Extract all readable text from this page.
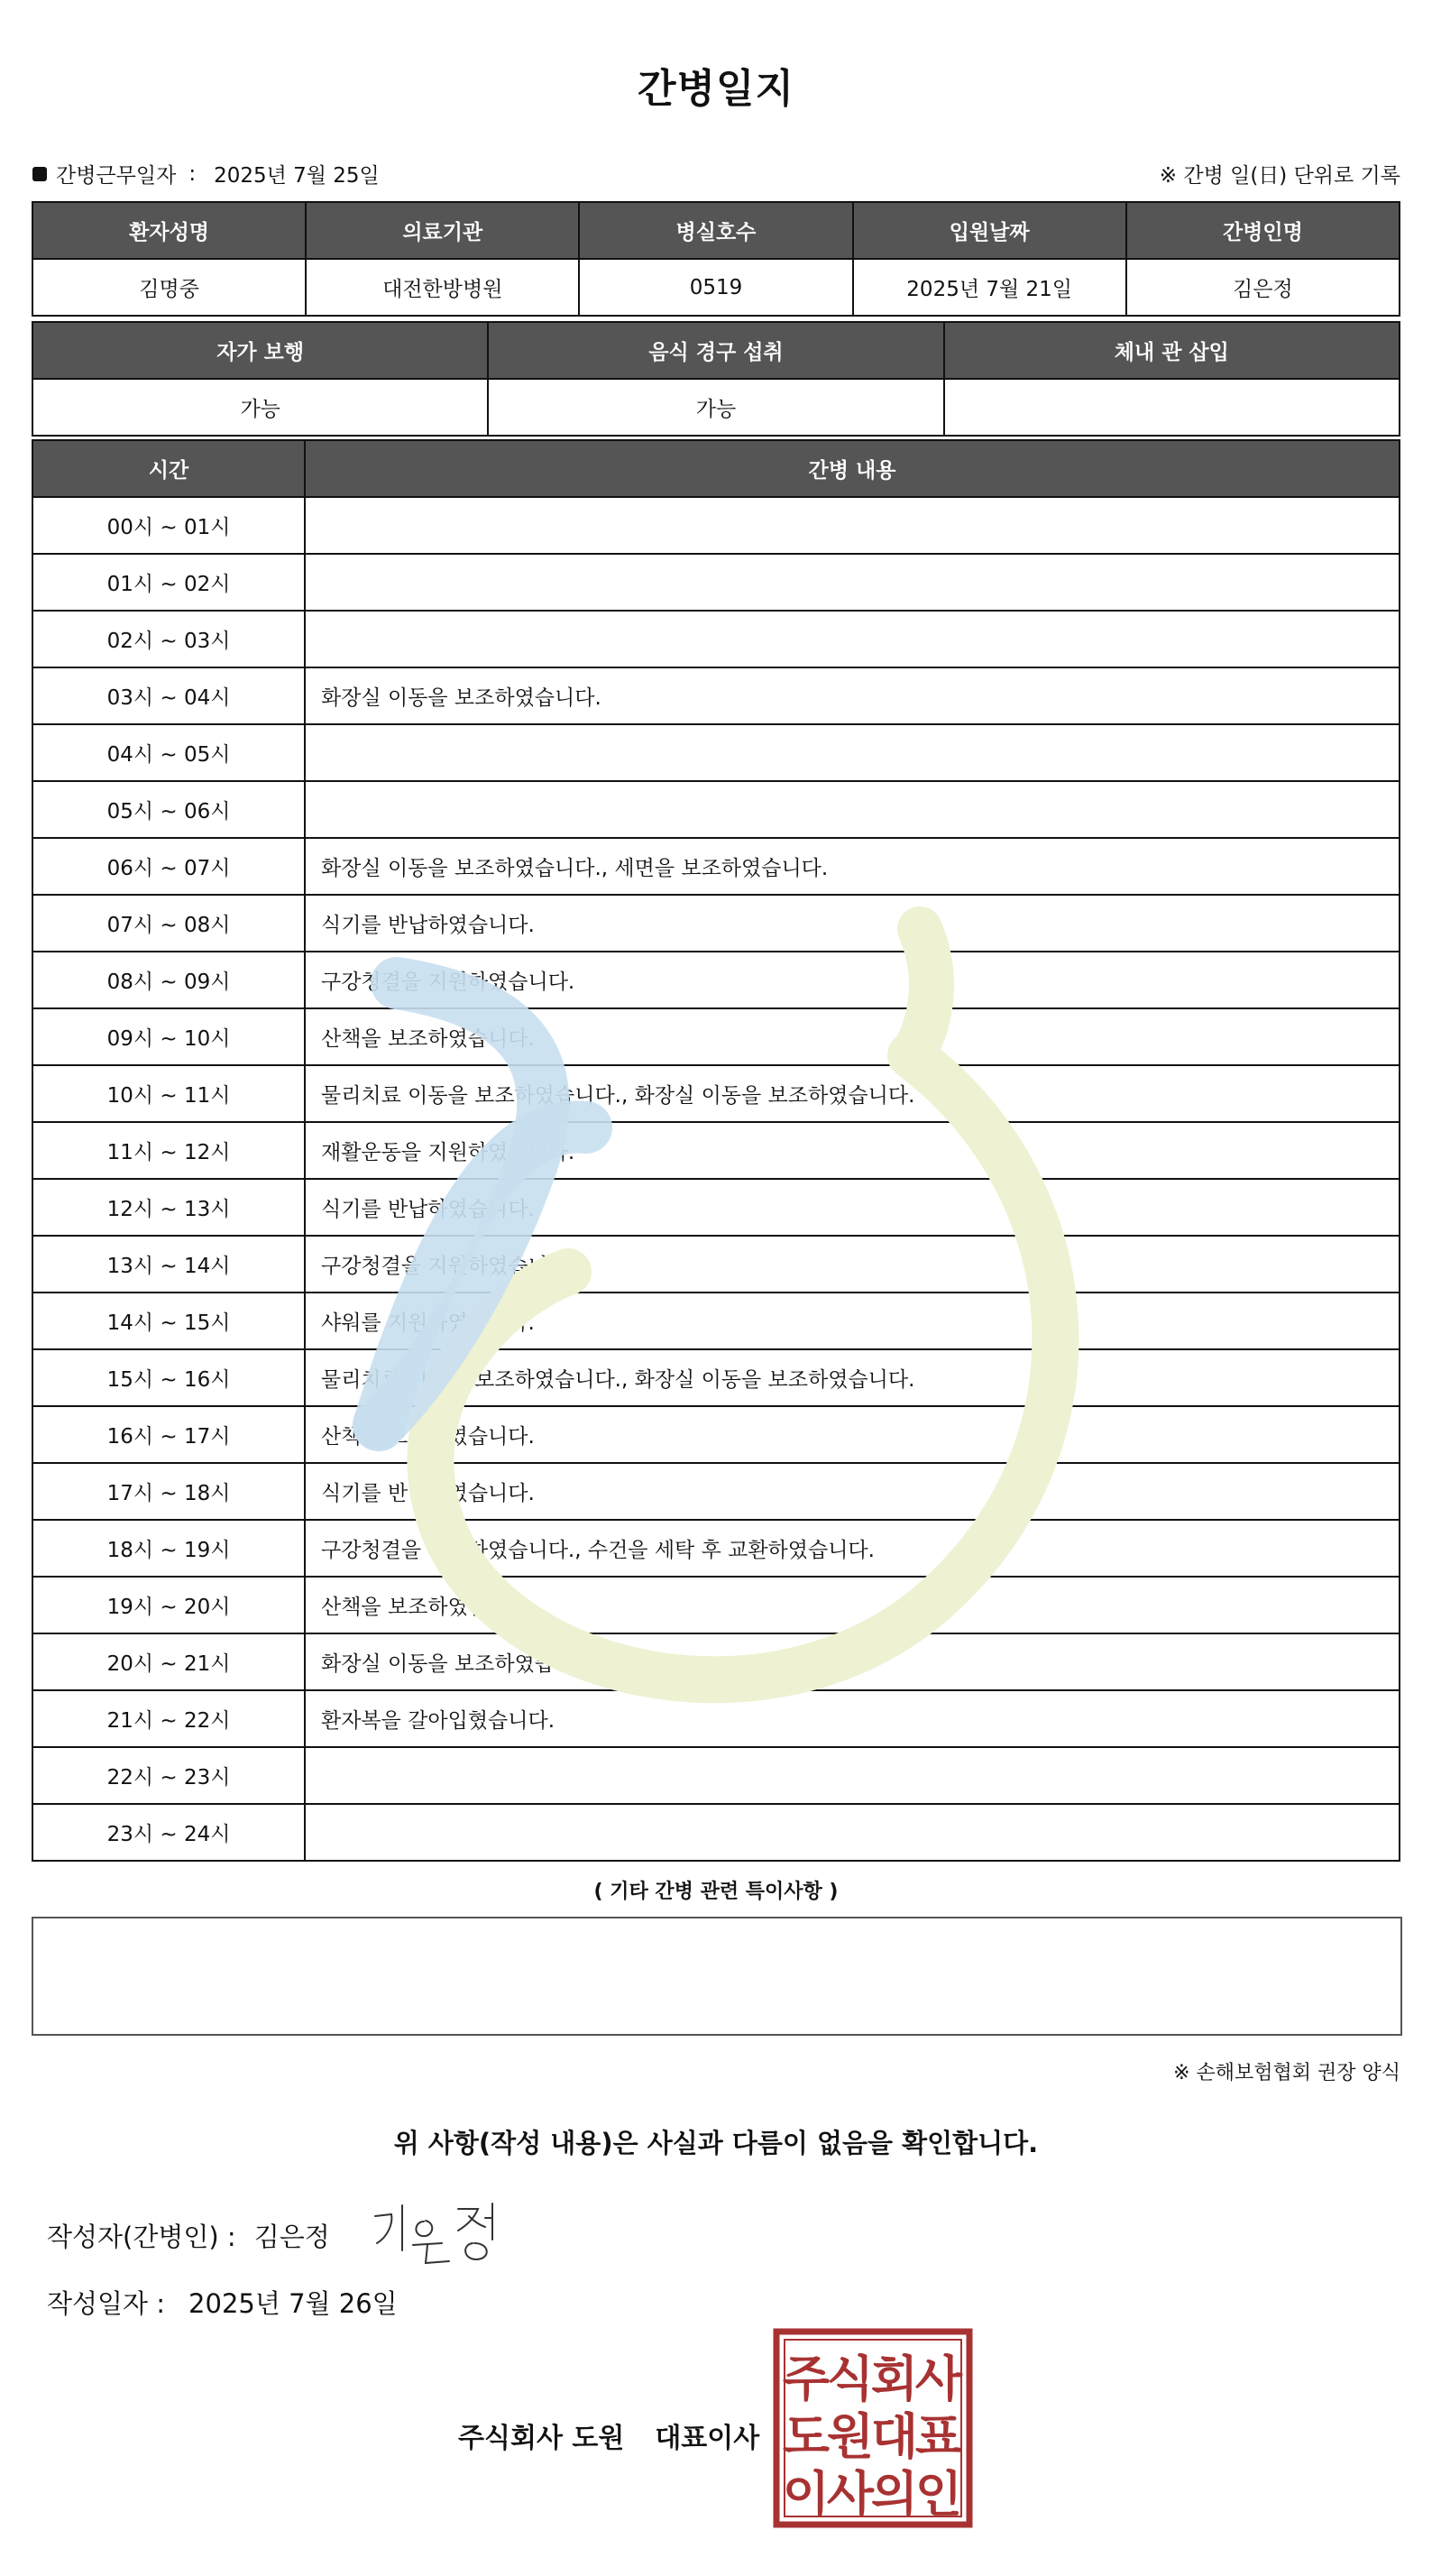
간병일지
간병근무일자 : 2025년 7월 25일	※ 간병 일(日) 단위로 기록
환자성명	의료기관	병실호수	입원날짜	간병인명
김명중	대전한방병원	0519	2025년 7월 21일	김은정
자가 보행	음식 경구 섭취	체내 관 삽입
가능	가능	
시간	간병 내용
00시 ~ 01시	
01시 ~ 02시	
02시 ~ 03시	
03시 ~ 04시	화장실 이동을 보조하였습니다.
04시 ~ 05시	
05시 ~ 06시	
06시 ~ 07시	화장실 이동을 보조하였습니다., 세면을 보조하였습니다.
07시 ~ 08시	식기를 반납하였습니다.
08시 ~ 09시	구강청결을 지원하였습니다.
09시 ~ 10시	산책을 보조하였습니다.
10시 ~ 11시	물리치료 이동을 보조하였습니다., 화장실 이동을 보조하였습니다.
11시 ~ 12시	재활운동을 지원하였습니다.
12시 ~ 13시	식기를 반납하였습니다.
13시 ~ 14시	구강청결을 지원하였습니다.
14시 ~ 15시	샤워를 지원하였습니다.
15시 ~ 16시	물리치료 이동을 보조하였습니다., 화장실 이동을 보조하였습니다.
16시 ~ 17시	산책을 보조하였습니다.
17시 ~ 18시	식기를 반납하였습니다.
18시 ~ 19시	구강청결을 지원하였습니다., 수건을 세탁 후 교환하였습니다.
19시 ~ 20시	산책을 보조하였습니다.
20시 ~ 21시	화장실 이동을 보조하였습니다.
21시 ~ 22시	환자복을 갈아입혔습니다.
22시 ~ 23시	
23시 ~ 24시	
( 기타 간병 관련 특이사항 )
※ 손해보험협회 권장 양식
위 사항(작성 내용)은 사실과 다름이 없음을 확인합니다.
작성자(간병인) : 김은정
작성일자 : 2025년 7월 26일
주식회사 도원 대표이사
주
식
회
사
도
원
대
표
이
사
의
인
